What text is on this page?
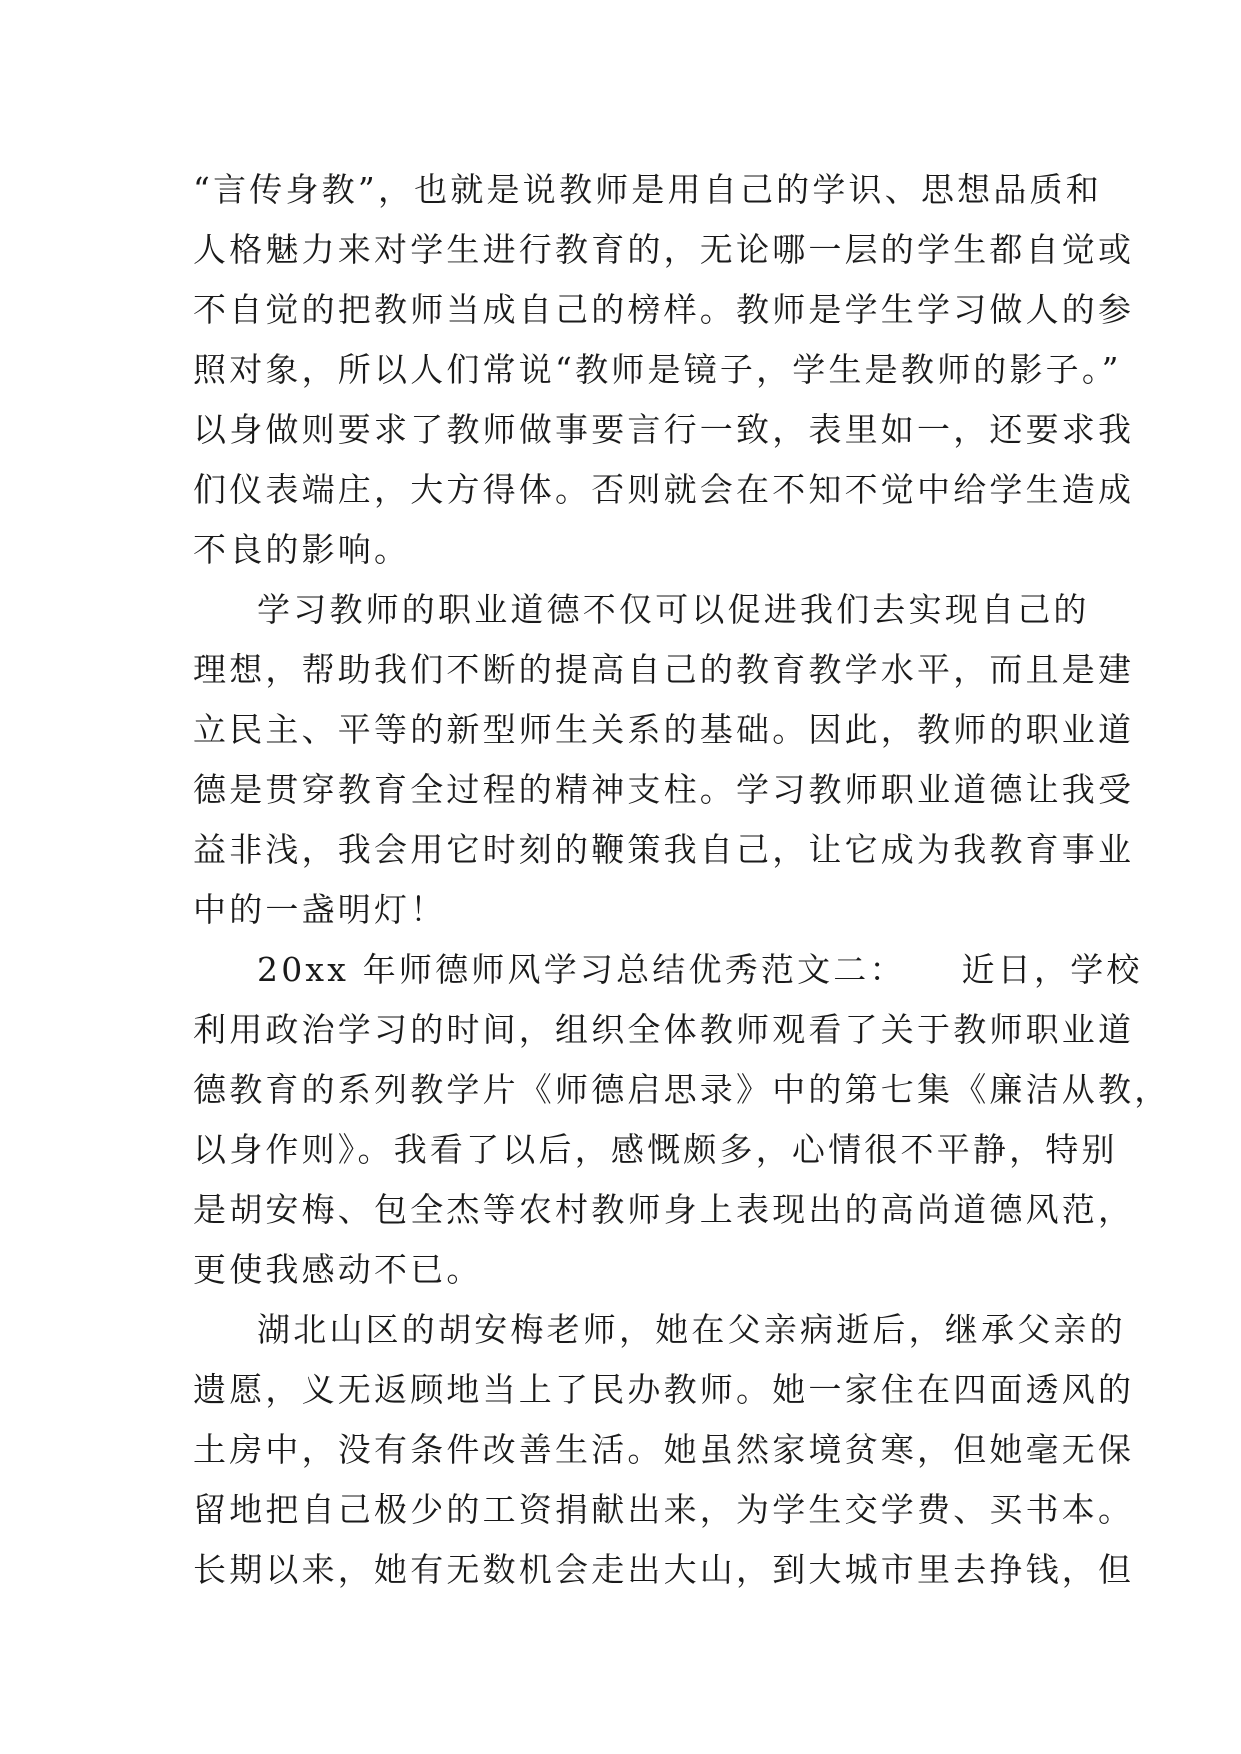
“言传身教”，也就是说教师是用自己的学识、思想品质和
人格魅力来对学生进行教育的，无论哪一层的学生都自觉或
不自觉的把教师当成自己的榜样。教师是学生学习做人的参
照对象，所以人们常说“教师是镜子，学生是教师的影子。”
以身做则要求了教师做事要言行一致，表里如一，还要求我
们仪表端庄，大方得体。否则就会在不知不觉中给学生造成
不良的影响。
学习教师的职业道德不仅可以促进我们去实现自己的
理想，帮助我们不断的提高自己的教育教学水平，而且是建
立民主、平等的新型师生关系的基础。因此，教师的职业道
德是贯穿教育全过程的精神支柱。学习教师职业道德让我受
益非浅，我会用它时刻的鞭策我自己，让它成为我教育事业
中的一盏明灯！
20xx 年师德师风学习总结优秀范文二：　　近日，学校
利用政治学习的时间，组织全体教师观看了关于教师职业道
德教育的系列教学片《师德启思录》中的第七集《廉洁从教，
以身作则》。我看了以后，感慨颇多，心情很不平静，特别
是胡安梅、包全杰等农村教师身上表现出的高尚道德风范，
更使我感动不已。
湖北山区的胡安梅老师，她在父亲病逝后，继承父亲的
遗愿，义无返顾地当上了民办教师。她一家住在四面透风的
土房中，没有条件改善生活。她虽然家境贫寒，但她毫无保
留地把自己极少的工资捐献出来，为学生交学费、买书本。
长期以来，她有无数机会走出大山，到大城市里去挣钱，但
